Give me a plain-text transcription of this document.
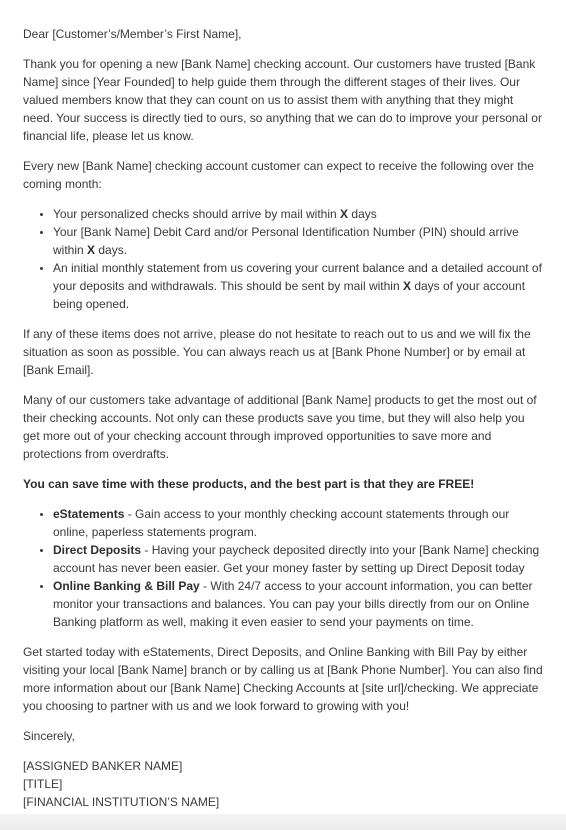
Dear [Customer’s/Member’s First Name],

Thank you for opening a new [Bank Name] checking account. Our customers have trusted [Bank Name] since [Year Founded] to help guide them through the different stages of their lives. Our valued members know that they can count on us to assist them with anything that they might need. Your success is directly tied to ours, so anything that we can do to improve your personal or financial life, please let us know.

Every new [Bank Name] checking account customer can expect to receive the following over the coming month:

• Your personalized checks should arrive by mail within X days
• Your [Bank Name] Debit Card and/or Personal Identification Number (PIN) should arrive within X days.
• An initial monthly statement from us covering your current balance and a detailed account of your deposits and withdrawals. This should be sent by mail within X days of your account being opened.

If any of these items does not arrive, please do not hesitate to reach out to us and we will fix the situation as soon as possible. You can always reach us at [Bank Phone Number] or by email at [Bank Email].

Many of our customers take advantage of additional [Bank Name] products to get the most out of their checking accounts. Not only can these products save you time, but they will also help you get more out of your checking account through improved opportunities to save more and protections from overdrafts.

You can save time with these products, and the best part is that they are FREE!

• eStatements - Gain access to your monthly checking account statements through our online, paperless statements program.
• Direct Deposits - Having your paycheck deposited directly into your [Bank Name] checking account has never been easier. Get your money faster by setting up Direct Deposit today
• Online Banking & Bill Pay - With 24/7 access to your account information, you can better monitor your transactions and balances. You can pay your bills directly from our on Online Banking platform as well, making it even easier to send your payments on time.

Get started today with eStatements, Direct Deposits, and Online Banking with Bill Pay by either visiting your local [Bank Name] branch or by calling us at [Bank Phone Number]. You can also find more information about our [Bank Name] Checking Accounts at [site url]/checking. We appreciate you choosing to partner with us and we look forward to growing with you!

Sincerely,

[ASSIGNED BANKER NAME]
[TITLE]
[FINANCIAL INSTITUTION’S NAME]
